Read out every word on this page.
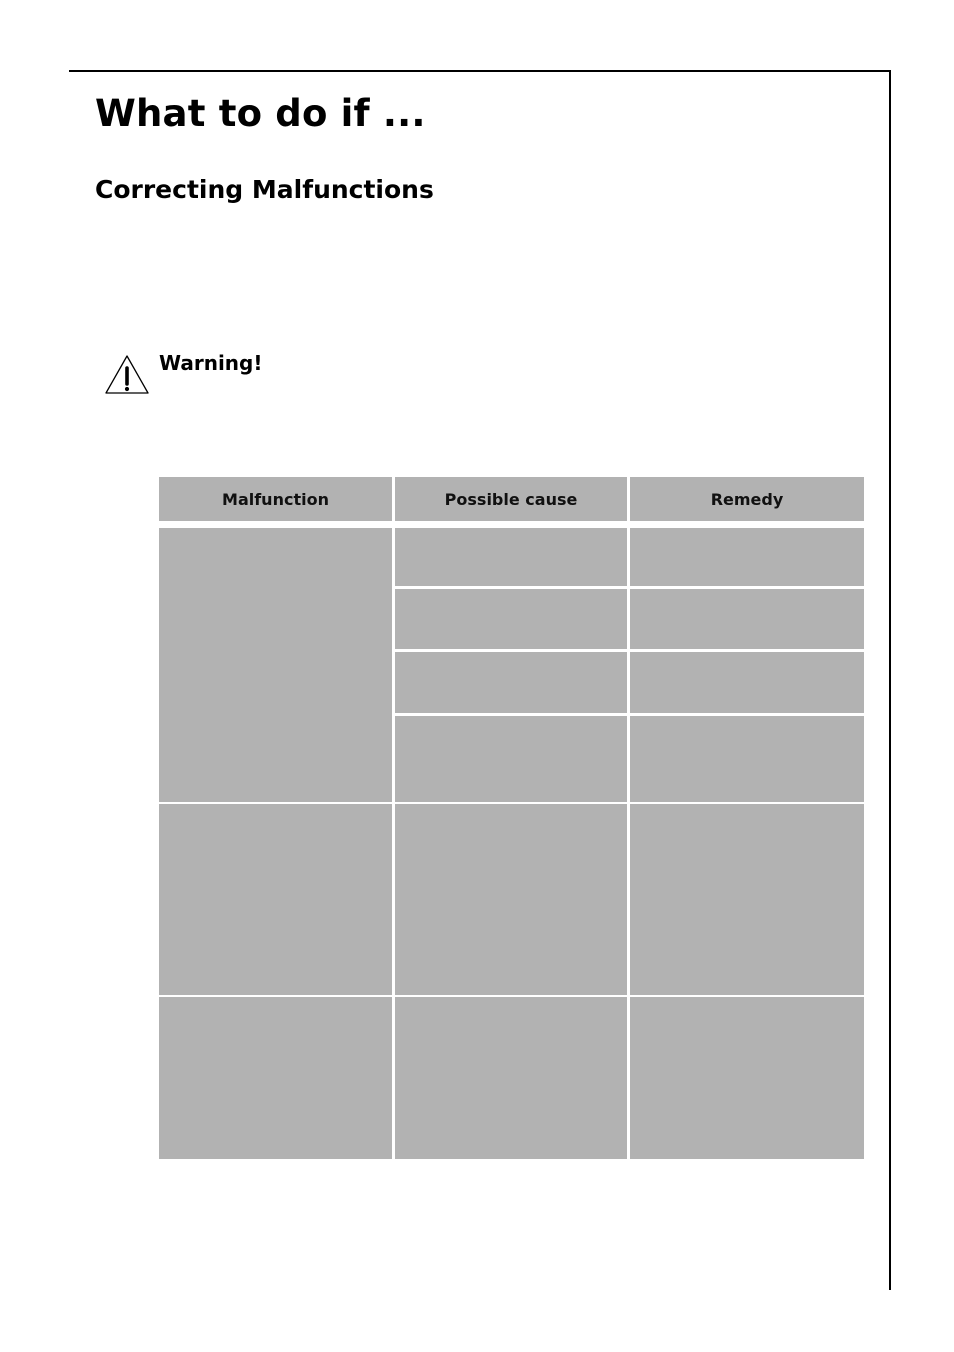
What to do if ...
Correcting Malfunctions
Warning!
Malfunction	Possible cause	Remedy
